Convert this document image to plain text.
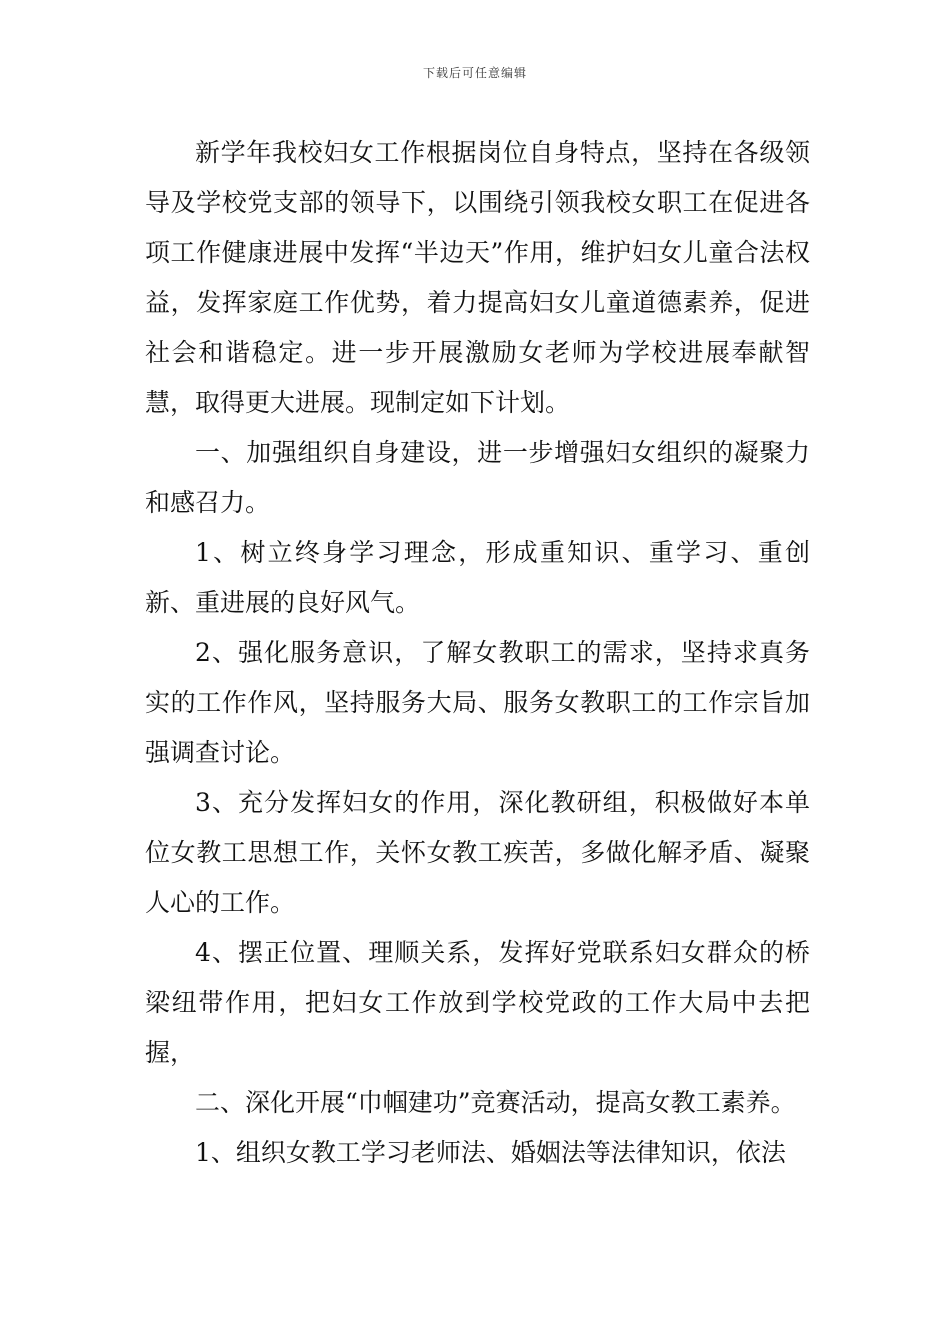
下载后可任意编辑

新学年我校妇女工作根据岗位自身特点，坚持在各级领导及学校党支部的领导下，以围绕引领我校女职工在促进各项工作健康进展中发挥“半边天”作用，维护妇女儿童合法权益，发挥家庭工作优势，着力提高妇女儿童道德素养，促进社会和谐稳定。进一步开展激励女老师为学校进展奉献智慧，取得更大进展。现制定如下计划。

一、加强组织自身建设，进一步增强妇女组织的凝聚力和感召力。

1、树立终身学习理念，形成重知识、重学习、重创新、重进展的良好风气。

2、强化服务意识，了解女教职工的需求，坚持求真务实的工作作风，坚持服务大局、服务女教职工的工作宗旨加强调查讨论。

3、充分发挥妇女的作用，深化教研组，积极做好本单位女教工思想工作，关怀女教工疾苦，多做化解矛盾、凝聚人心的工作。

4、摆正位置、理顺关系，发挥好党联系妇女群众的桥梁纽带作用，把妇女工作放到学校党政的工作大局中去把握，

二、深化开展“巾帼建功”竞赛活动，提高女教工素养。

1、组织女教工学习老师法、婚姻法等法律知识，依法
